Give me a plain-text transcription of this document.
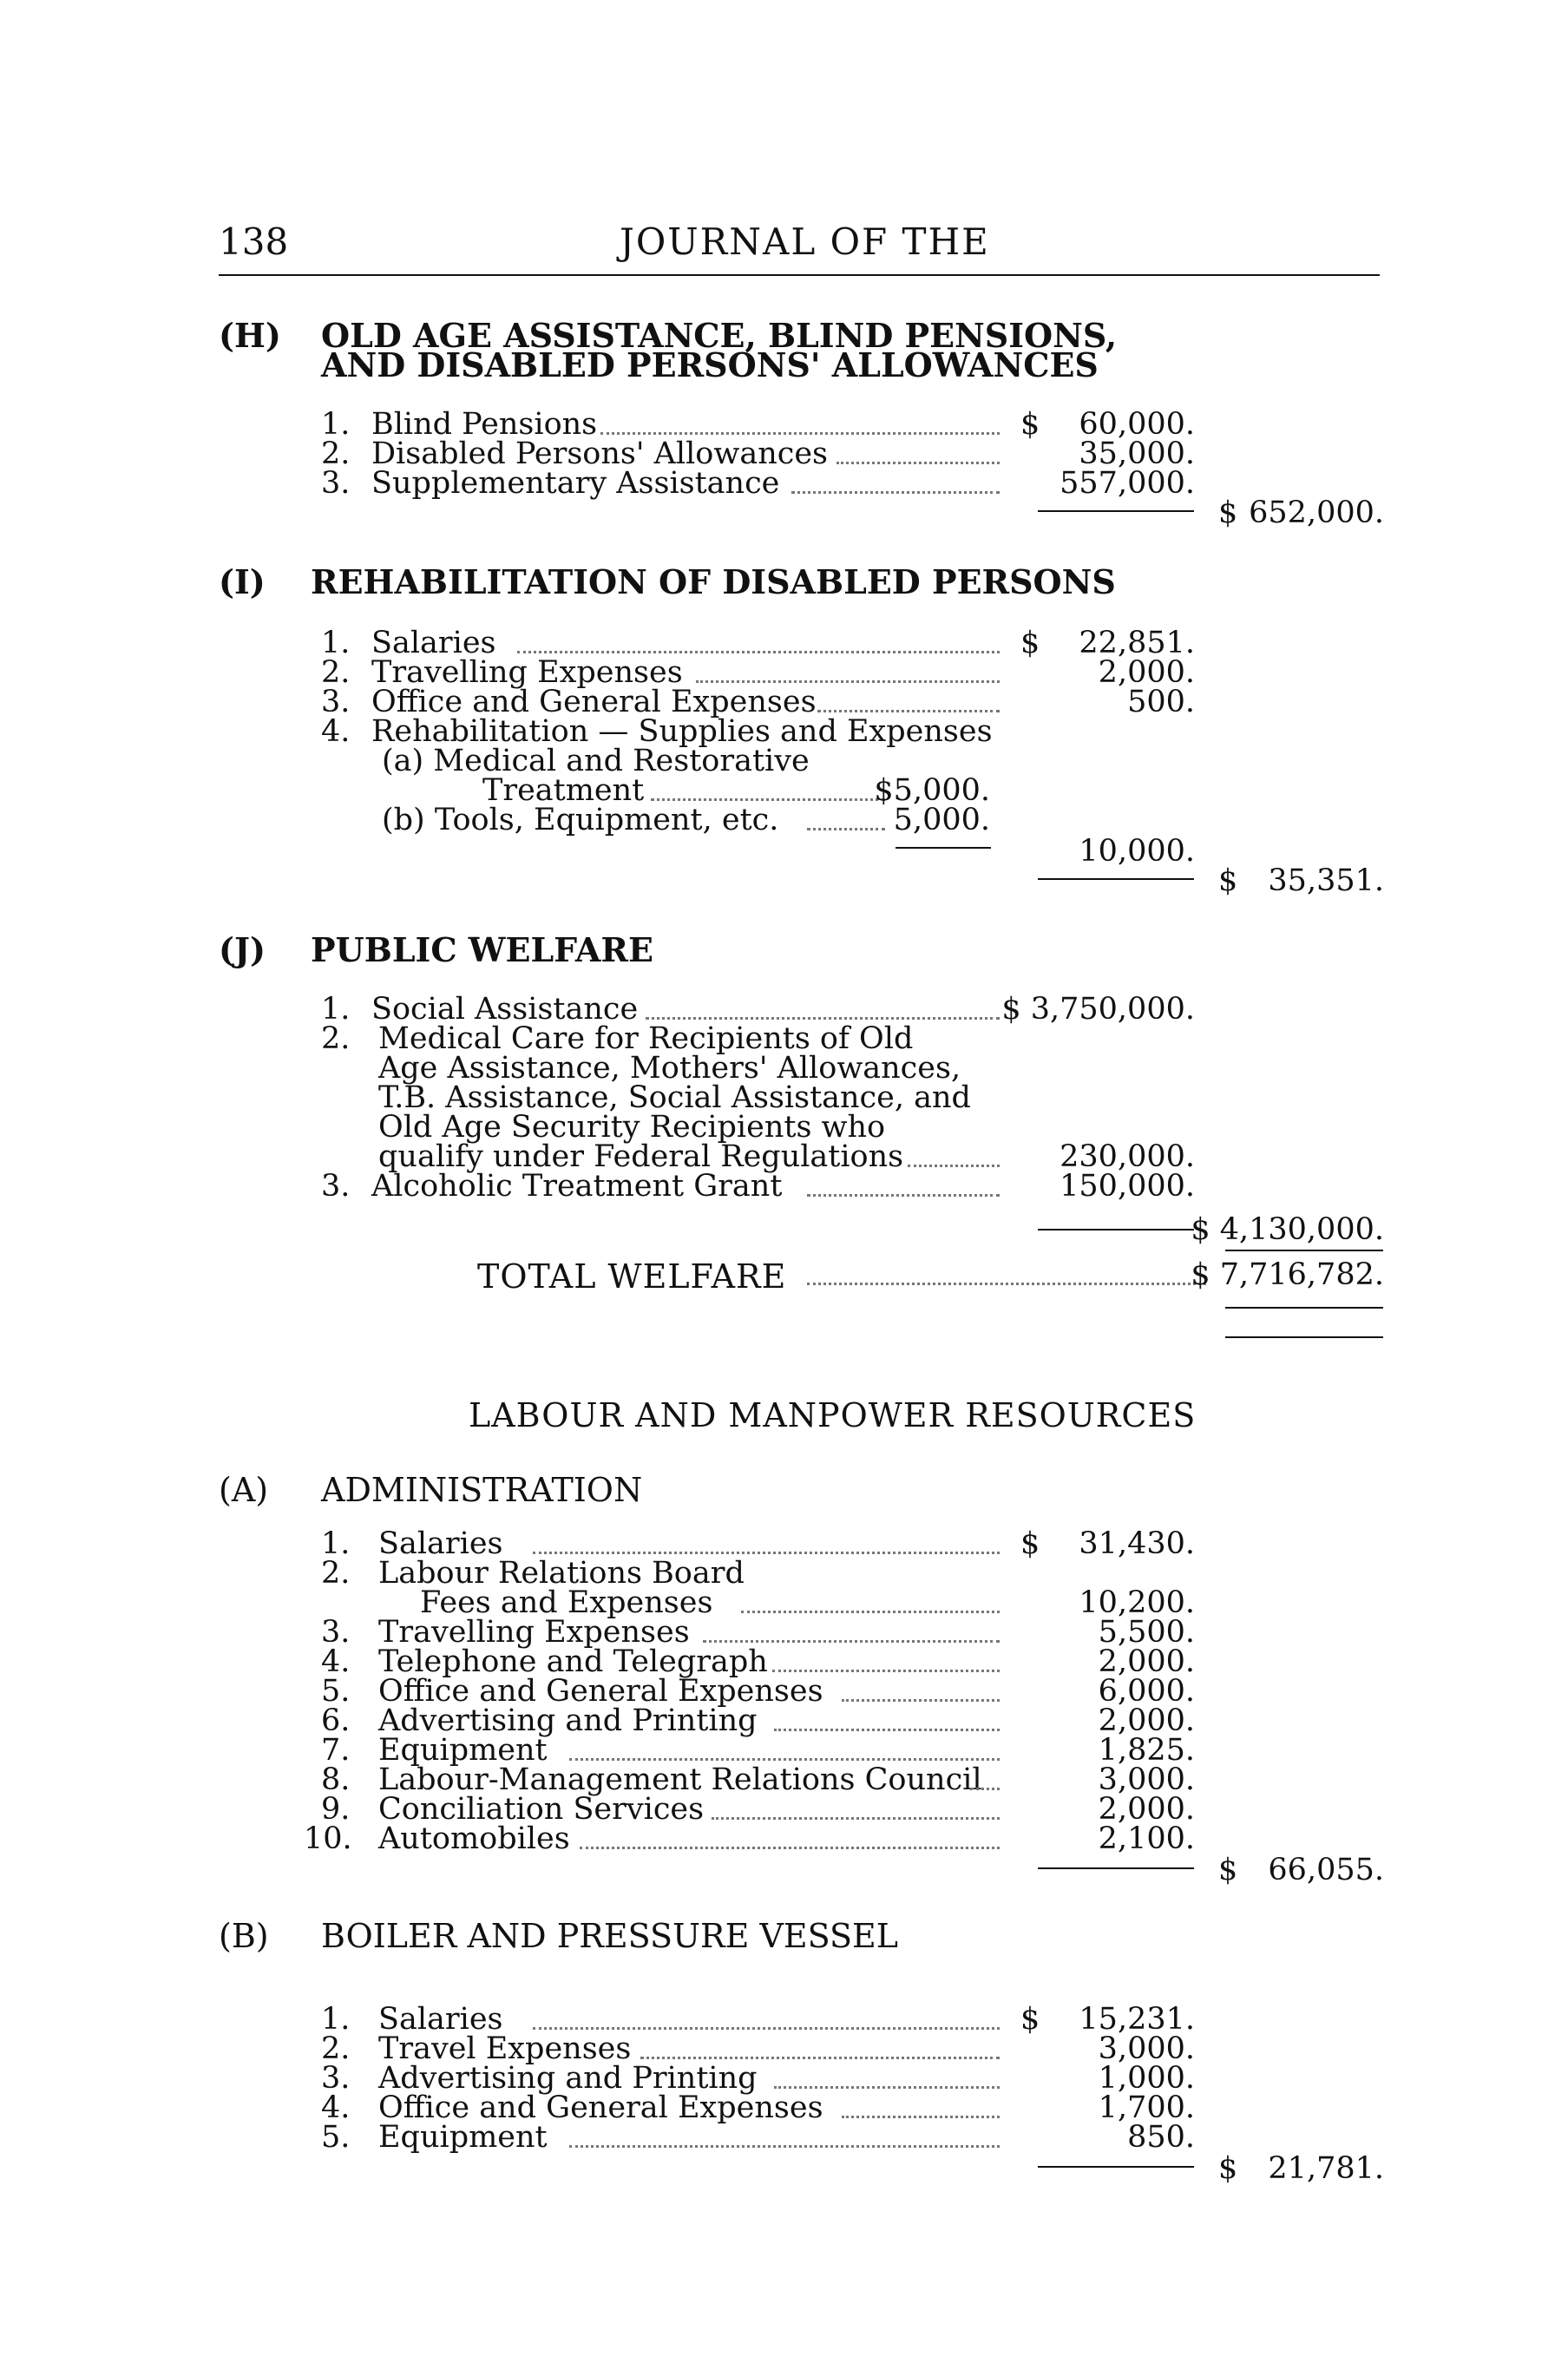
138	JOURNAL OF THE
(H) OLD AGE ASSISTANCE, BLIND PENSIONS,
AND DISABLED PERSONS' ALLOWANCES
1. Blind Pensions	$ 60,000.
2. Disabled Persons' Allowances	35,000.
3. Supplementary Assistance	557,000.
$ 652,000.
(I) REHABILITATION OF DISABLED PERSONS
1. Salaries	$ 22,851.
2. Travelling Expenses	2,000.
3. Office and General Expenses	500.
4. Rehabilitation — Supplies and Expenses
(a) Medical and Restorative
Treatment	$5,000.
(b) Tools, Equipment, etc.	5,000.
10,000.
$ 35,351.
(J) PUBLIC WELFARE
1. Social Assistance	$ 3,750,000.
2. Medical Care for Recipients of Old
Age Assistance, Mothers' Allowances,
T.B. Assistance, Social Assistance, and
Old Age Security Recipients who
qualify under Federal Regulations	230,000.
3. Alcoholic Treatment Grant	150,000.
$ 4,130,000.
TOTAL WELFARE	$ 7,716,782.
LABOUR AND MANPOWER RESOURCES
(A) ADMINISTRATION
1. Salaries	$ 31,430.
2. Labour Relations Board
Fees and Expenses	10,200.
3. Travelling Expenses	5,500.
4. Telephone and Telegraph	2,000.
5. Office and General Expenses	6,000.
6. Advertising and Printing	2,000.
7. Equipment	1,825.
8. Labour-Management Relations Council	3,000.
9. Conciliation Services	2,000.
10. Automobiles	2,100.
$ 66,055.
(B) BOILER AND PRESSURE VESSEL
1. Salaries	$ 15,231.
2. Travel Expenses	3,000.
3. Advertising and Printing	1,000.
4. Office and General Expenses	1,700.
5. Equipment	850.
$ 21,781.
